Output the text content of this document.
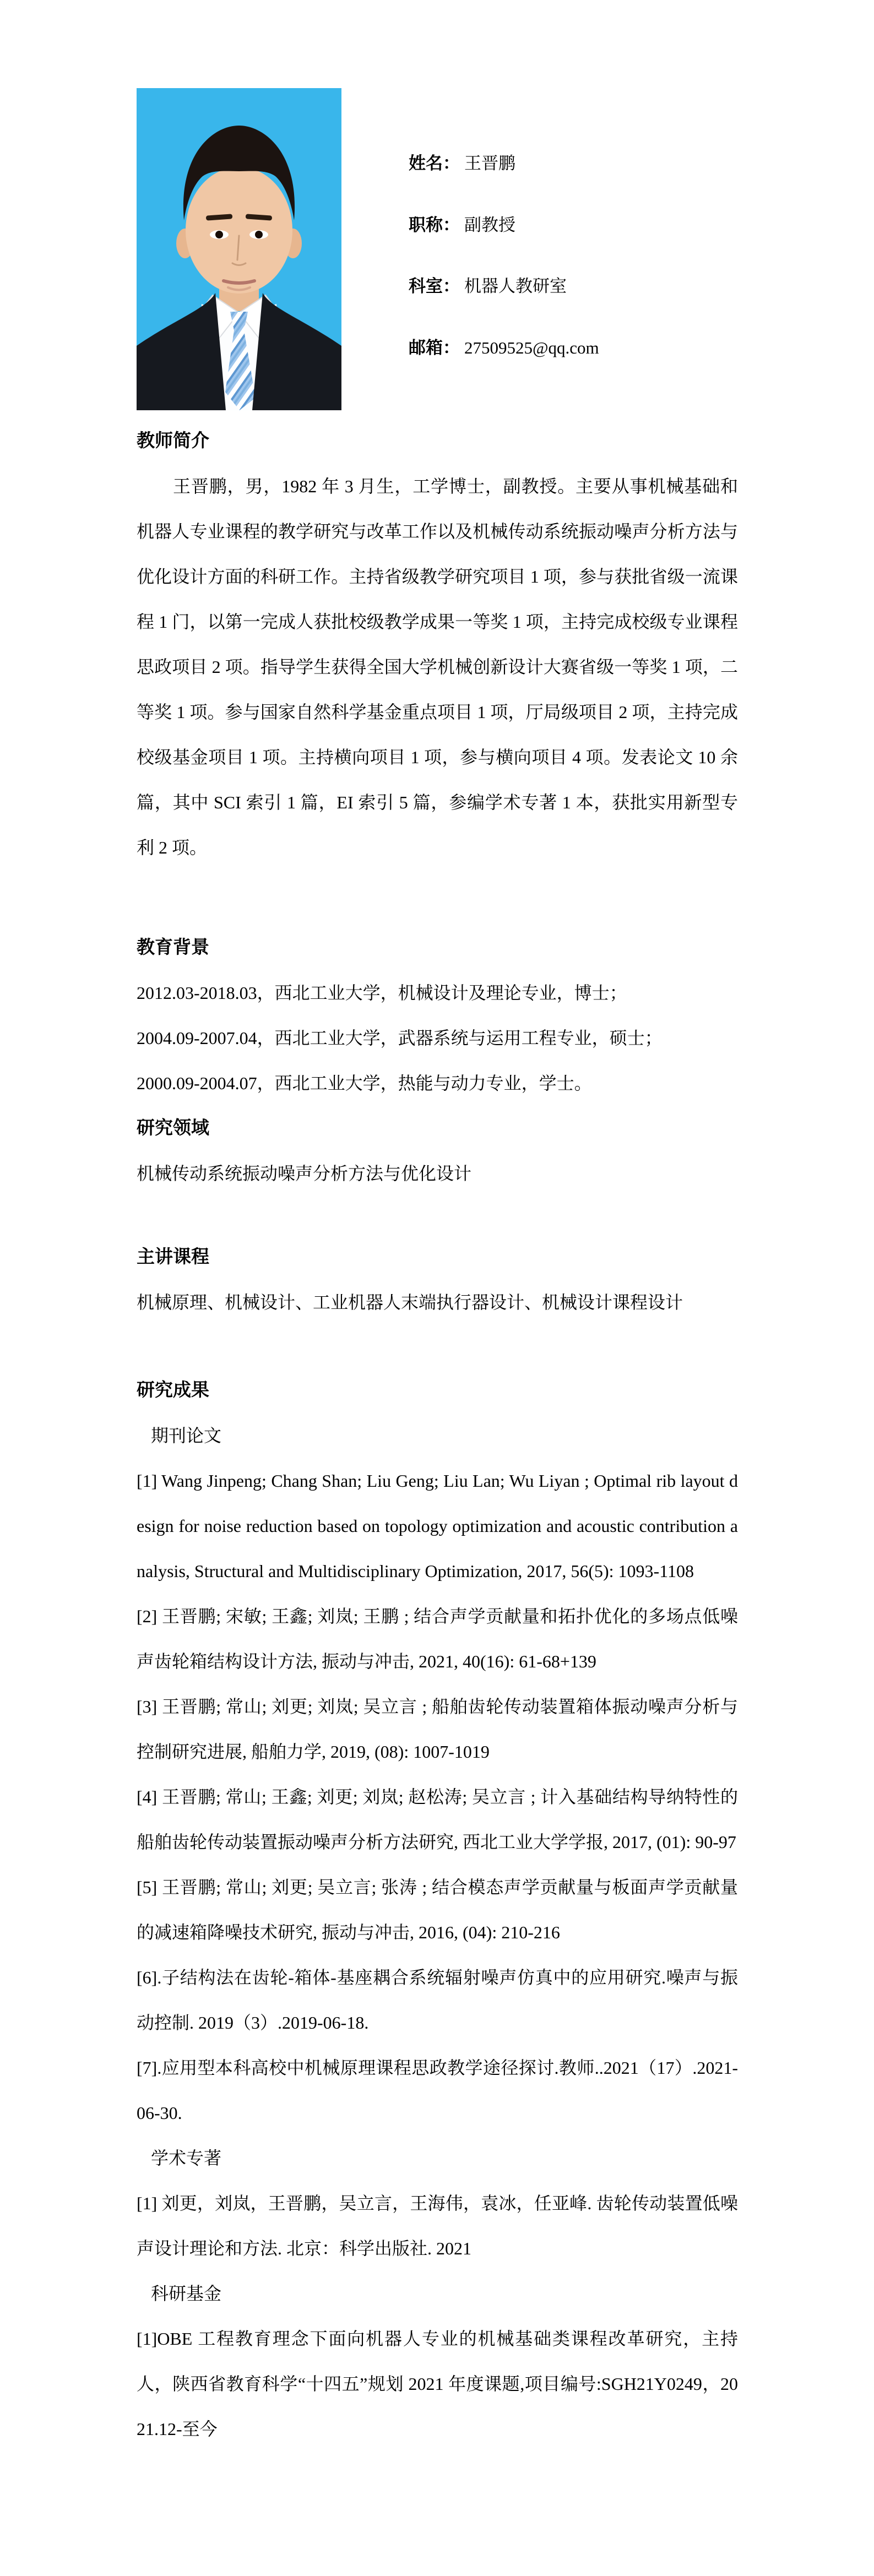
姓名： 王晋鹏
职称： 副教授
科室： 机器人教研室
邮箱： 27509525@qq.com
教师简介

王晋鹏，男，1982 年 3 月生，工学博士，副教授。主要从事机械基础和机器人专业课程的教学研究与改革工作以及机械传动系统振动噪声分析方法与优化设计方面的科研工作。主持省级教学研究项目 1 项，参与获批省级一流课程 1 门，以第一完成人获批校级教学成果一等奖 1 项，主持完成校级专业课程思政项目 2 项。指导学生获得全国大学机械创新设计大赛省级一等奖 1 项，二等奖 1 项。参与国家自然科学基金重点项目 1 项，厅局级项目 2 项，主持完成校级基金项目 1 项。主持横向项目 1 项，参与横向项目 4 项。发表论文 10 余篇，其中 SCI 索引 1 篇，EI 索引 5 篇，参编学术专著 1 本，获批实用新型专利 2 项。

教育背景

2012.03-2018.03，西北工业大学，机械设计及理论专业，博士；

2004.09-2007.04，西北工业大学，武器系统与运用工程专业，硕士；

2000.09-2004.07，西北工业大学，热能与动力专业，学士。

研究领域

机械传动系统振动噪声分析方法与优化设计

主讲课程

机械原理、机械设计、工业机器人末端执行器设计、机械设计课程设计

研究成果

期刊论文

[1] Wang Jinpeng; Chang Shan; Liu Geng; Liu Lan; Wu Liyan ; Optimal rib layout design for noise reduction based on topology optimization and acoustic contribution analysis, Structural and Multidisciplinary Optimization, 2017, 56(5): 1093-1108

[2] 王晋鹏; 宋敏; 王鑫; 刘岚; 王鹏 ; 结合声学贡献量和拓扑优化的多场点低噪声齿轮箱结构设计方法, 振动与冲击, 2021, 40(16): 61-68+139

[3] 王晋鹏; 常山; 刘更; 刘岚; 吴立言 ; 船舶齿轮传动装置箱体振动噪声分析与控制研究进展, 船舶力学, 2019, (08): 1007-1019

[4] 王晋鹏; 常山; 王鑫; 刘更; 刘岚; 赵松涛; 吴立言 ; 计入基础结构导纳特性的船舶齿轮传动装置振动噪声分析方法研究, 西北工业大学学报, 2017, (01): 90-97

[5] 王晋鹏; 常山; 刘更; 吴立言; 张涛 ; 结合模态声学贡献量与板面声学贡献量的减速箱降噪技术研究, 振动与冲击, 2016, (04): 210-216

[6].子结构法在齿轮-箱体-基座耦合系统辐射噪声仿真中的应用研究.噪声与振动控制. 2019（3）.2019-06-18.

[7].应用型本科高校中机械原理课程思政教学途径探讨.教师..2021（17）.2021-06-30.

学术专著

[1] 刘更，刘岚，王晋鹏，吴立言，王海伟，袁冰，任亚峰. 齿轮传动装置低噪声设计理论和方法. 北京：科学出版社. 2021

科研基金

[1]OBE 工程教育理念下面向机器人专业的机械基础类课程改革研究，主持人，陕西省教育科学“十四五”规划 2021 年度课题,项目编号:SGH21Y0249，2021.12-至今
